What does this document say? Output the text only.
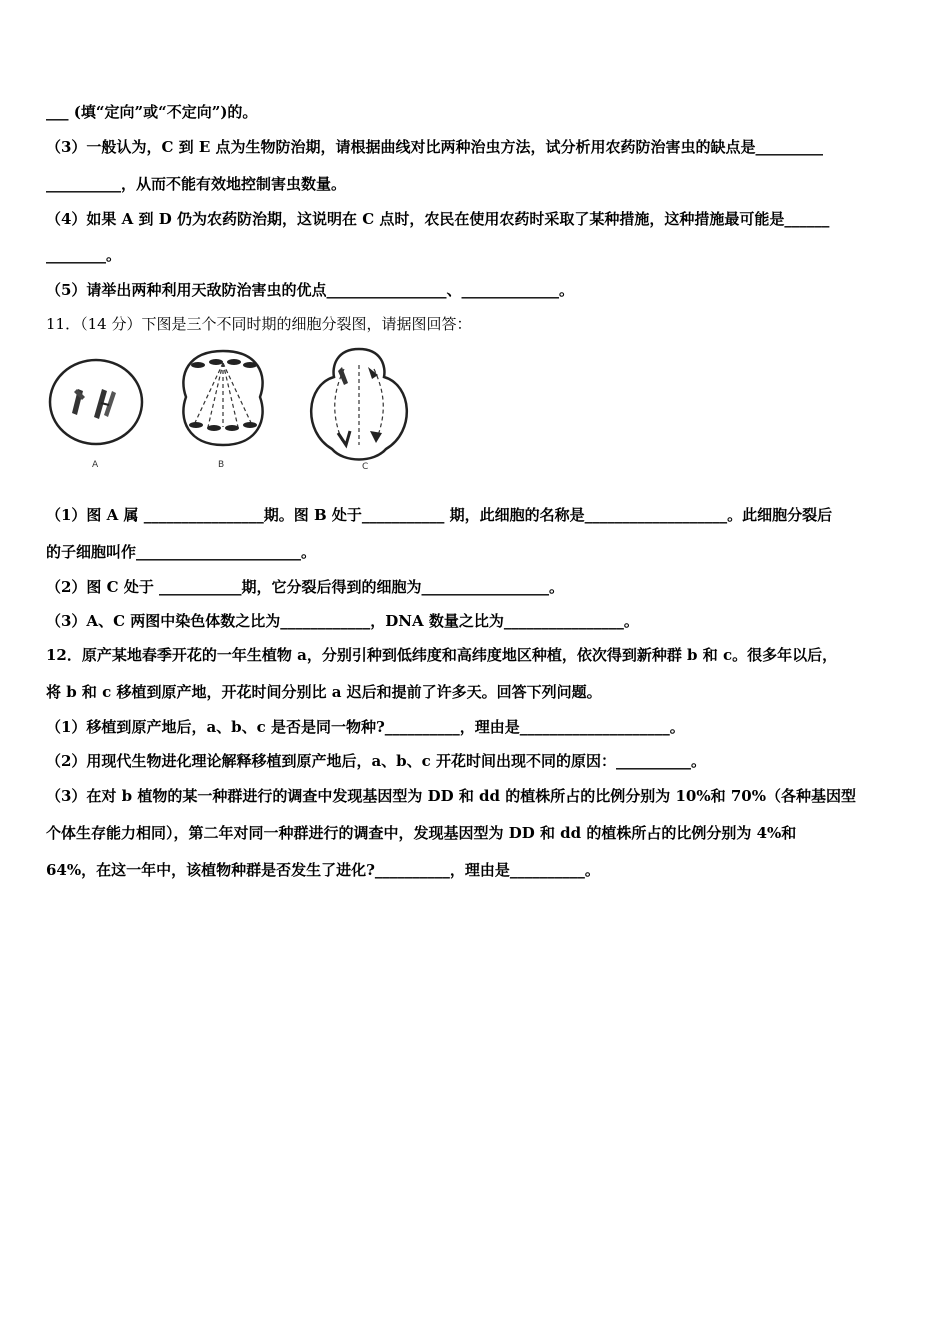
___ (填“定向”或“不定向”)的。
（3）一般认为，C 到 E 点为生物防治期，请根据曲线对比两种治虫方法，试分析用农药防治害虫的缺点是_________
__________，从而不能有效地控制害虫数量。
（4）如果 A 到 D 仍为农药防治期，这说明在 C 点时，农民在使用农药时采取了某种措施，这种措施最可能是______
________。
（5）请举出两种利用天敌防治害虫的优点________________、_____________。
11．（14 分）下图是三个不同时期的细胞分裂图，请据图回答：
A	B	C
（1）图 A 属 ________________期。图 B 处于___________ 期，此细胞的名称是___________________。此细胞分裂后
的子细胞叫作______________________。
（2）图 C 处于 ___________期，它分裂后得到的细胞为_________________。
（3）A、C 两图中染色体数之比为____________，DNA 数量之比为________________。
12．原产某地春季开花的一年生植物 a，分别引种到低纬度和高纬度地区种植，依次得到新种群 b 和 c。很多年以后，
将 b 和 c 移植到原产地，开花时间分别比 a 迟后和提前了许多天。回答下列问题。
（1）移植到原产地后，a、b、c 是否是同一物种?__________，理由是____________________。
（2）用现代生物进化理论解释移植到原产地后，a、b、c 开花时间出现不同的原因：__________。
（3）在对 b 植物的某一种群进行的调查中发现基因型为 DD 和 dd 的植株所占的比例分别为 10%和 70%（各种基因型
个体生存能力相同），第二年对同一种群进行的调查中，发现基因型为 DD 和 dd 的植株所占的比例分别为 4%和
64%，在这一年中，该植物种群是否发生了进化?__________，理由是__________。
